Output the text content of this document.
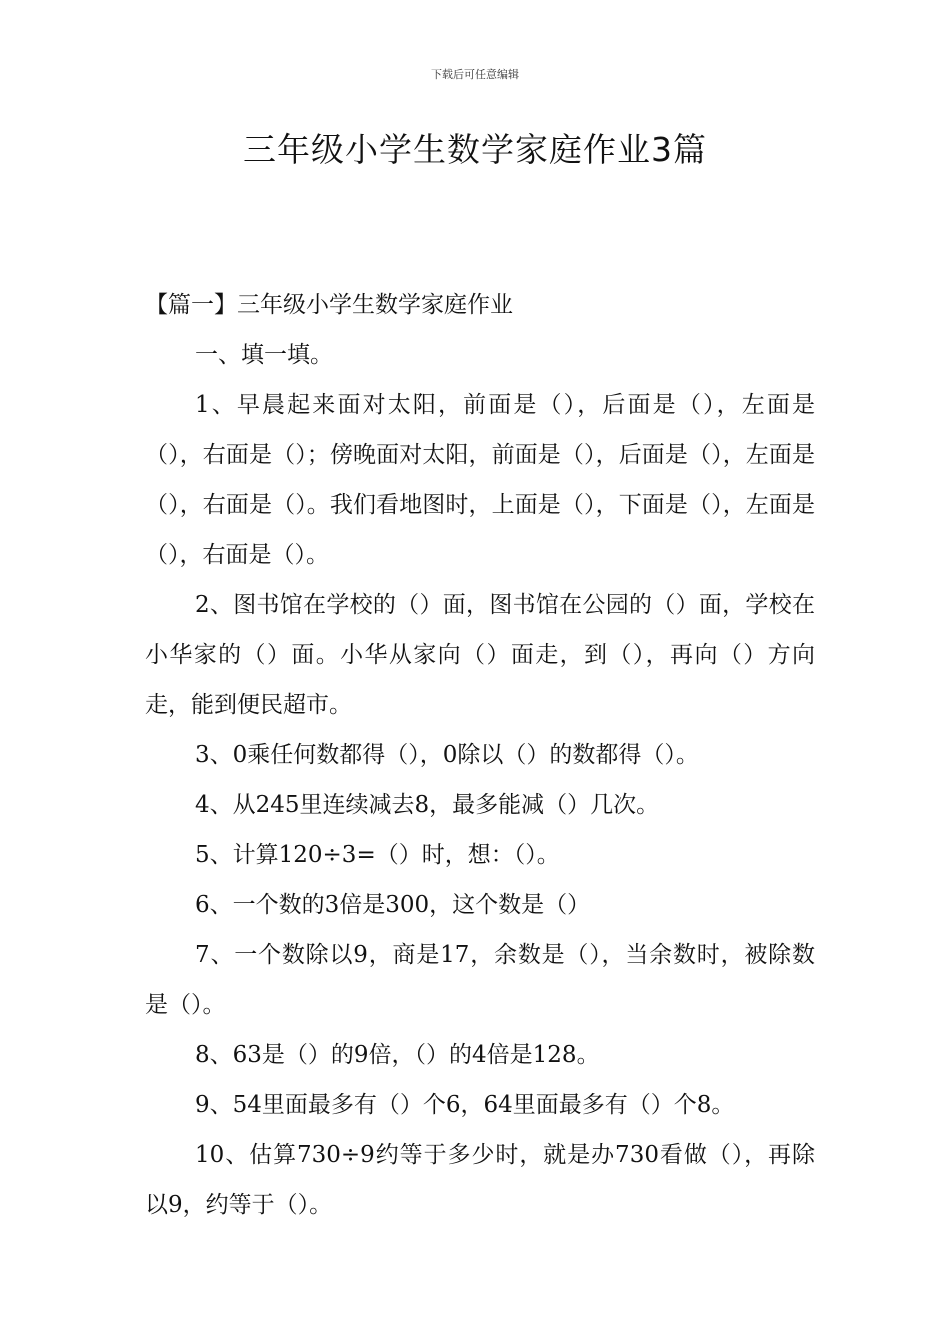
下载后可任意编辑
三年级小学生数学家庭作业3篇

【篇一】三年级小学生数学家庭作业

一、填一填。

1、早晨起来面对太阳，前面是（），后面是（），左面是（），右面是（）；傍晚面对太阳，前面是（），后面是（），左面是（），右面是（）。我们看地图时，上面是（），下面是（），左面是（），右面是（）。

2、图书馆在学校的（）面，图书馆在公园的（）面，学校在小华家的（）面。小华从家向（）面走，到（），再向（）方向走，能到便民超市。

3、0乘任何数都得（），0除以（）的数都得（）。

4、从245里连续减去8，最多能减（）几次。

5、计算120÷3=（）时，想：（）。

6、一个数的3倍是300，这个数是（）

7、一个数除以9，商是17，余数是（），当余数时，被除数是（）。

8、63是（）的9倍，（）的4倍是128。

9、54里面最多有（）个6，64里面最多有（）个8。

10、估算730÷9约等于多少时，就是办730看做（），再除以9，约等于（）。
